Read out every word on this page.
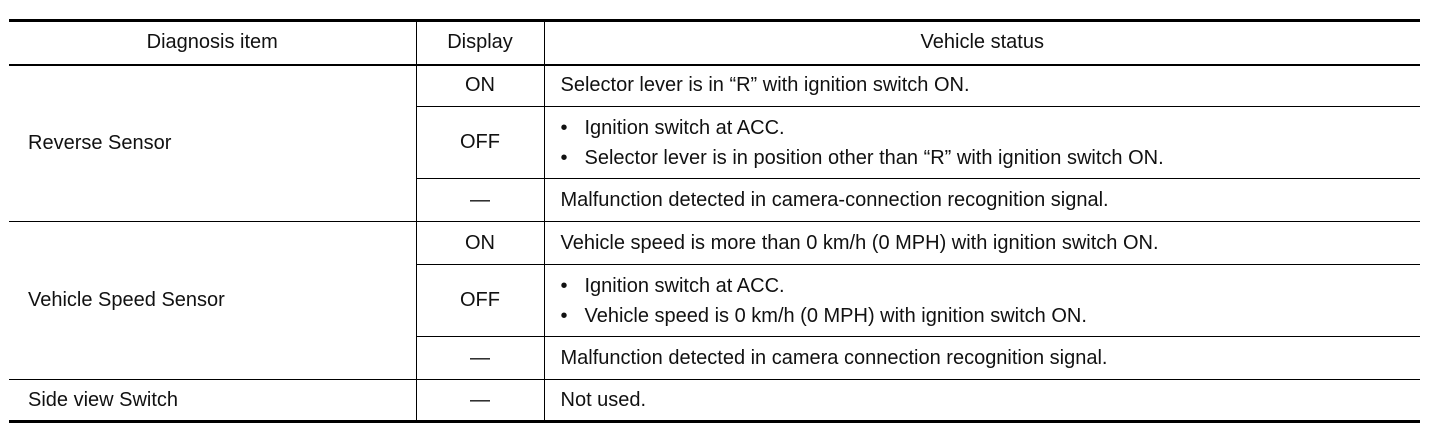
Diagnosis item	Display	Vehicle status
Reverse Sensor	ON	Selector lever is in “R” with ignition switch ON.
	OFF	• Ignition switch at ACC.
• Selector lever is in position other than “R” with ignition switch ON.

	—	Malfunction detected in camera-connection recognition signal.
Vehicle Speed Sensor	ON	Vehicle speed is more than 0 km/h (0 MPH) with ignition switch ON.
	OFF	• Ignition switch at ACC.
• Vehicle speed is 0 km/h (0 MPH) with ignition switch ON.

	—	Malfunction detected in camera connection recognition signal.
Side view Switch	—	Not used.
